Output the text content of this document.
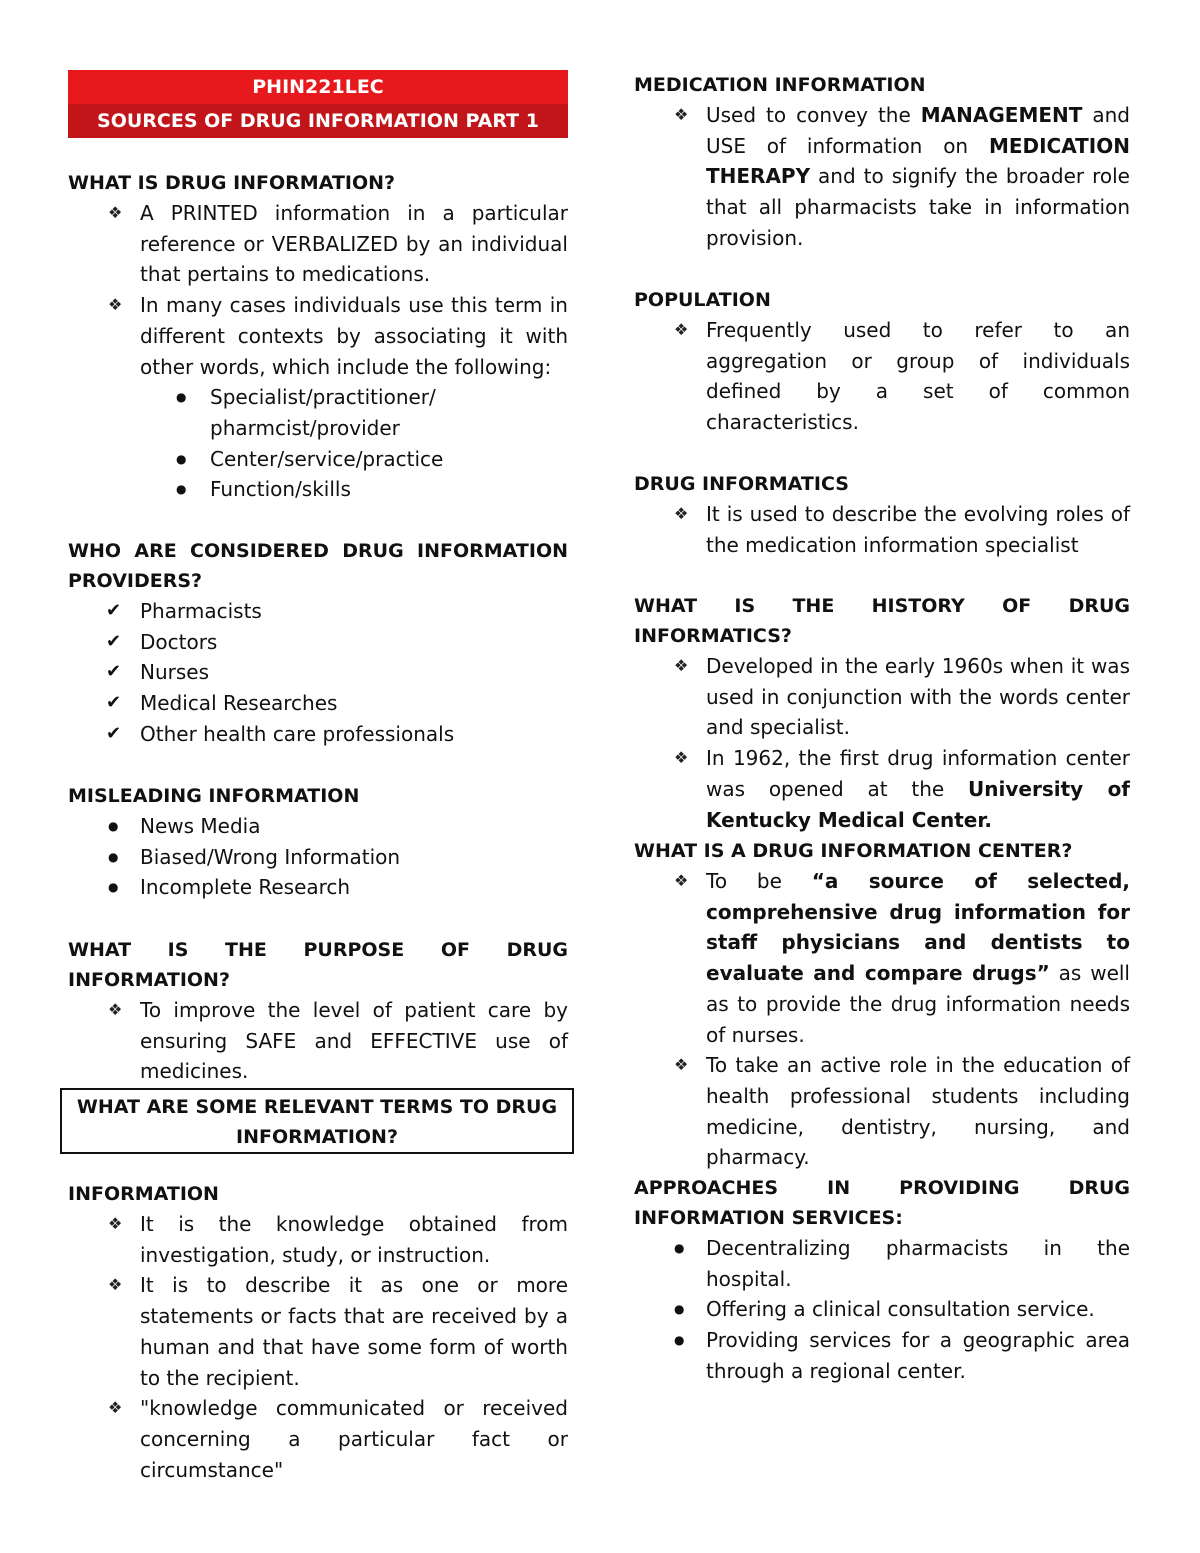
PHIN221LEC
SOURCES OF DRUG INFORMATION PART 1

WHAT IS DRUG INFORMATION?

❖ A PRINTED information in a particular reference or VERBALIZED by an individual that pertains to medications.
❖ In many cases individuals use this term in different contexts by associating it with other words, which include the following:
● Specialist/practitioner/ pharmcist/provider
● Center/service/practice
● Function/skills

WHO ARE CONSIDERED DRUG INFORMATION PROVIDERS?

✔ Pharmacists
✔ Doctors
✔ Nurses
✔ Medical Researches
✔ Other health care professionals

MISLEADING INFORMATION

● News Media
● Biased/Wrong Information
● Incomplete Research

WHAT IS THE PURPOSE OF DRUG INFORMATION?

❖ To improve the level of patient care by ensuring SAFE and EFFECTIVE use of medicines.

INFORMATION

❖ It is the knowledge obtained from investigation, study, or instruction.
❖ It is to describe it as one or more statements or facts that are received by a human and that have some form of worth to the recipient.
❖ "knowledge communicated or received concerning a particular fact or circumstance"
WHAT ARE SOME RELEVANT TERMS TO DRUG INFORMATION?

MEDICATION INFORMATION

❖ Used to convey the MANAGEMENT and USE of information on MEDICATION THERAPY and to signify the broader role that all pharmacists take in information provision.

POPULATION

❖ Frequently used to refer to an aggregation or group of individuals defined by a set of common characteristics.

DRUG INFORMATICS

❖ It is used to describe the evolving roles of the medication information specialist

WHAT IS THE HISTORY OF DRUG INFORMATICS?

❖ Developed in the early 1960s when it was used in conjunction with the words center and specialist.
❖ In 1962, the first drug information center was opened at the University of Kentucky Medical Center.

WHAT IS A DRUG INFORMATION CENTER?

❖ To be “a source of selected, comprehensive drug information for staff physicians and dentists to evaluate and compare drugs” as well as to provide the drug information needs of nurses.
❖ To take an active role in the education of health professional students including medicine, dentistry, nursing, and pharmacy.

APPROACHES IN PROVIDING DRUG INFORMATION SERVICES:

● Decentralizing pharmacists in the hospital.
● Offering a clinical consultation service.
● Providing services for a geographic area through a regional center.
